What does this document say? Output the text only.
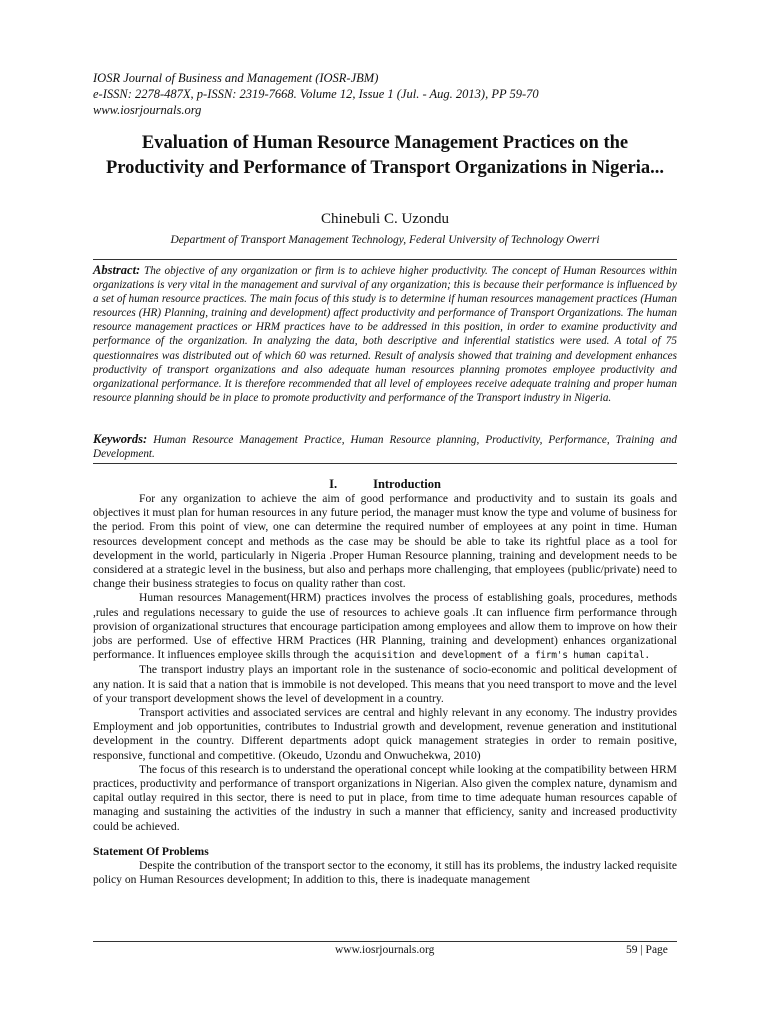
IOSR Journal of Business and Management (IOSR-JBM)
e-ISSN: 2278-487X, p-ISSN: 2319-7668. Volume 12, Issue 1 (Jul. - Aug. 2013), PP 59-70
www.iosrjournals.org
Evaluation of Human Resource Management Practices on the Productivity and Performance of Transport Organizations in Nigeria...
Chinebuli C. Uzondu
Department of Transport Management Technology, Federal University of Technology Owerri
Abstract: The objective of any organization or firm is to achieve higher productivity. The concept of Human Resources within organizations is very vital in the management and survival of any organization; this is because their performance is influenced by a set of human resource practices. The main focus of this study is to determine if human resources management practices (Human resources (HR) Planning, training and development) affect productivity and performance of Transport Organizations. The human resource management practices or HRM practices have to be addressed in this position, in order to examine productivity and performance of the organization. In analyzing the data, both descriptive and inferential statistics were used. A total of 75 questionnaires was distributed out of which 60 was returned. Result of analysis showed that training and development enhances productivity of transport organizations and also adequate human resources planning promotes employee productivity and organizational performance. It is therefore recommended that all level of employees receive adequate training and proper human resource planning should be in place to promote productivity and performance of the Transport industry in Nigeria.
Keywords: Human Resource Management Practice, Human Resource planning, Productivity, Performance, Training and Development.
I.	Introduction

For any organization to achieve the aim of good performance and productivity and to sustain its goals and objectives it must plan for human resources in any future period, the manager must know the type and volume of business for the period. From this point of view, one can determine the required number of employees at any point in time. Human resources development concept and methods as the case may be should be able to take its rightful place as a tool for development in the world, particularly in Nigeria .Proper Human Resource planning, training and development needs to be considered at a strategic level in the business, but also and perhaps more challenging, that employees (public/private) need to change their business strategies to focus on quality rather than cost.

Human resources Management(HRM) practices involves the process of establishing goals, procedures, methods ,rules and regulations necessary to guide the use of resources to achieve goals .It can influence firm performance through provision of organizational structures that encourage participation among employees and allow them to improve on how their jobs are performed. Use of effective HRM Practices (HR Planning, training and development) enhances organizational performance. It influences employee skills through the acquisition and development of a firm's human capital.

The transport industry plays an important role in the sustenance of socio-economic and political development of any nation. It is said that a nation that is immobile is not developed. This means that you need transport to move and the level of your transport development shows the level of development in a country.

Transport activities and associated services are central and highly relevant in any economy. The industry provides Employment and job opportunities, contributes to Industrial growth and development, revenue generation and institutional development in the country. Different departments adopt quick management strategies in order to remain positive, responsive, functional and competitive. (Okeudo, Uzondu and Onwuchekwa, 2010)

The focus of this research is to understand the operational concept while looking at the compatibility between HRM practices, productivity and performance of transport organizations in Nigerian. Also given the complex nature, dynamism and capital outlay required in this sector, there is need to put in place, from time to time adequate human resources capable of managing and sustaining the activities of the industry in such a manner that efficiency, sanity and increased productivity could be achieved.

Statement Of Problems

Despite the contribution of the transport sector to the economy, it still has its problems, the industry lacked requisite policy on Human Resources development; In addition to this, there is inadequate management

www.iosrjournals.org	59 | Page
